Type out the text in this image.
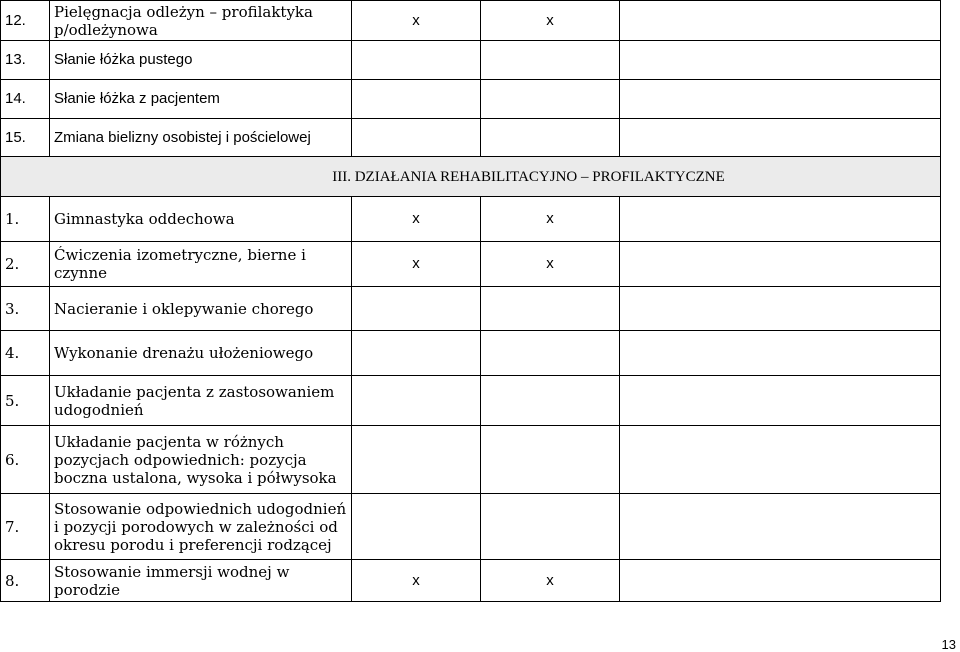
12.	Pielęgnacja odleżyn – profilaktyka p/odleżynowa	x	x	
13.	Słanie łóżka pustego			
14.	Słanie łóżka z pacjentem			
15.	Zmiana bielizny osobistej i pościelowej			
III. DZIAŁANIA REHABILITACYJNO – PROFILAKTYCZNE				
1.	Gimnastyka oddechowa	x	x	
2.	Ćwiczenia izometryczne, bierne i czynne	x	x	
3.	Nacieranie i oklepywanie chorego			
4.	Wykonanie drenażu ułożeniowego			
5.	Układanie pacjenta z zastosowaniem udogodnień			
6.	Układanie pacjenta w różnych pozycjach odpowiednich: pozycja boczna ustalona, wysoka i półwysoka			
7.	Stosowanie odpowiednich udogodnień i pozycji porodowych w zależności od okresu porodu i preferencji rodzącej			
8.	Stosowanie immersji wodnej w porodzie	x	x	
13
